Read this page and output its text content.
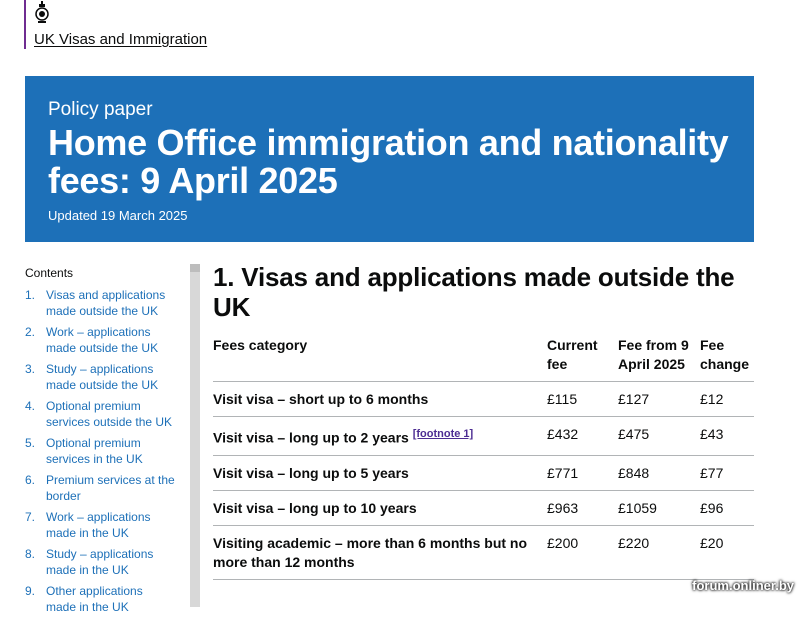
UK Visas and Immigration

Policy paper

Home Office immigration and nationality fees: 9 April 2025
Updated 19 March 2025
Contents
1. Visas and applications made outside the UK
2. Work – applications made outside the UK
3. Study – applications made outside the UK
4. Optional premium services outside the UK
5. Optional premium services in the UK
6. Premium services at the border
7. Work – applications made in the UK
8. Study – applications made in the UK
9. Other applications made in the UK
1. Visas and applications made outside the UK
Fees category	Current fee	Fee from 9 April 2025	Fee change
Visit visa – short up to 6 months	£115	£127	£12
Visit visa – long up to 2 years [footnote 1]	£432	£475	£43
Visit visa – long up to 5 years	£771	£848	£77
Visit visa – long up to 10 years	£963	£1059	£96
Visiting academic – more than 6 months but no more than 12 months	£200	£220	£20
forum.onliner.by
